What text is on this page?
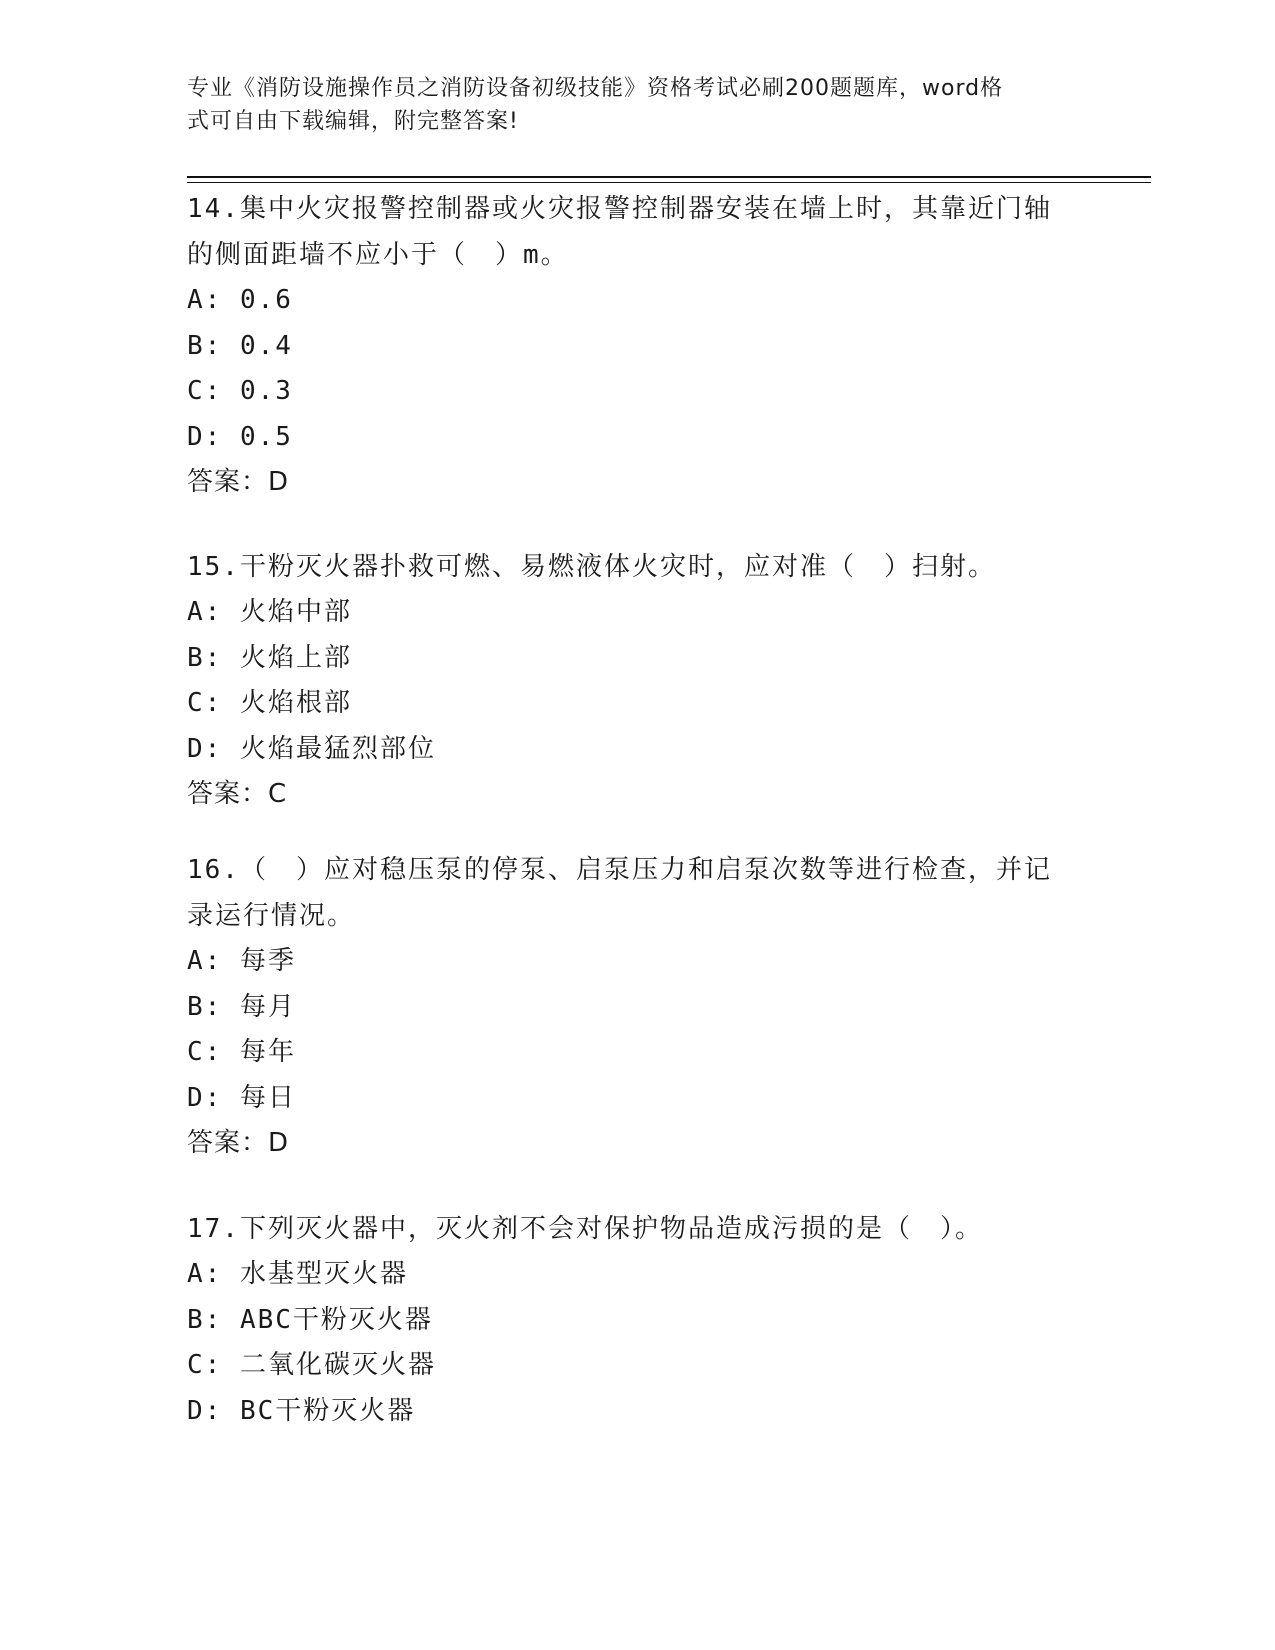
专业《消防设施操作员之消防设备初级技能》资格考试必刷200题题库，word格
式可自由下载编辑，附完整答案!

14.集中火灾报警控制器或火灾报警控制器安装在墙上时，其靠近门轴

的侧面距墙不应小于（　）m。

A: 0.6

B: 0.4

C: 0.3

D: 0.5

答案：D

15.干粉灭火器扑救可燃、易燃液体火灾时，应对准（　）扫射。

A: 火焰中部

B: 火焰上部

C: 火焰根部

D: 火焰最猛烈部位

答案：C

16.（　）应对稳压泵的停泵、启泵压力和启泵次数等进行检查，并记

录运行情况。

A: 每季

B: 每月

C: 每年

D: 每日

答案：D

17.下列灭火器中，灭火剂不会对保护物品造成污损的是（　）。

A: 水基型灭火器

B: ABC干粉灭火器

C: 二氧化碳灭火器

D: BC干粉灭火器
